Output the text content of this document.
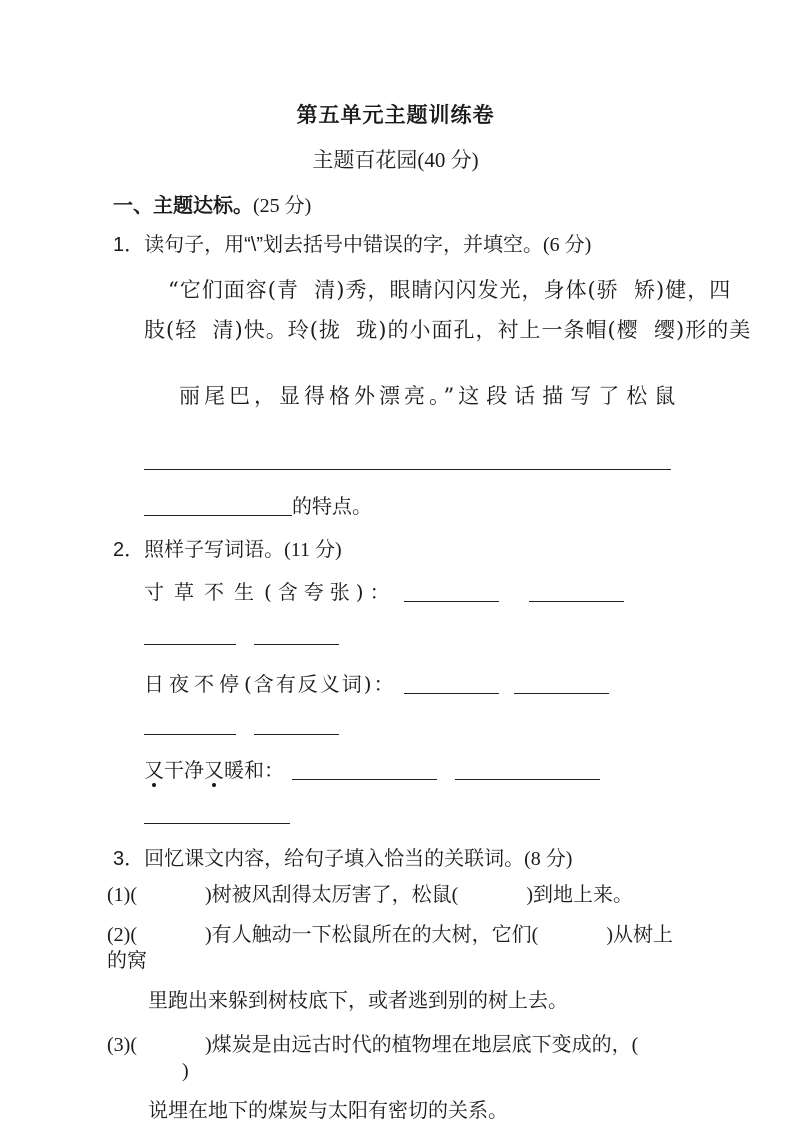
第五单元主题训练卷
主题百花园(40 分)
一、主题达标。(25 分)
1．读句子，用“\”划去括号中错误的字，并填空。(6 分)
“它们面容(青  清)秀，眼睛闪闪发光，身体(骄  矫)健，四
肢(轻  清)快。玲(拢  珑)的小面孔，衬上一条帽(樱  缨)形的美

丽尾巴，显得格外漂亮。”这段话描写了松鼠

的特点。
2．照样子写词语。(11 分)
寸草不生(含夸张)：
日夜不停(含有反义词)：
又干净又暖和：
3．回忆课文内容，给句子填入恰当的关联词。(8 分)
(1)(	)树被风刮得太厉害了，松鼠(	)到地上来。
(2)(	)有人触动一下松鼠所在的大树，它们(	)从树上的窝
里跑出来躲到树枝底下，或者逃到别的树上去。
(3)(	)煤炭是由远古时代的植物埋在地层底下变成的，()
说埋在地下的煤炭与太阳有密切的关系。
